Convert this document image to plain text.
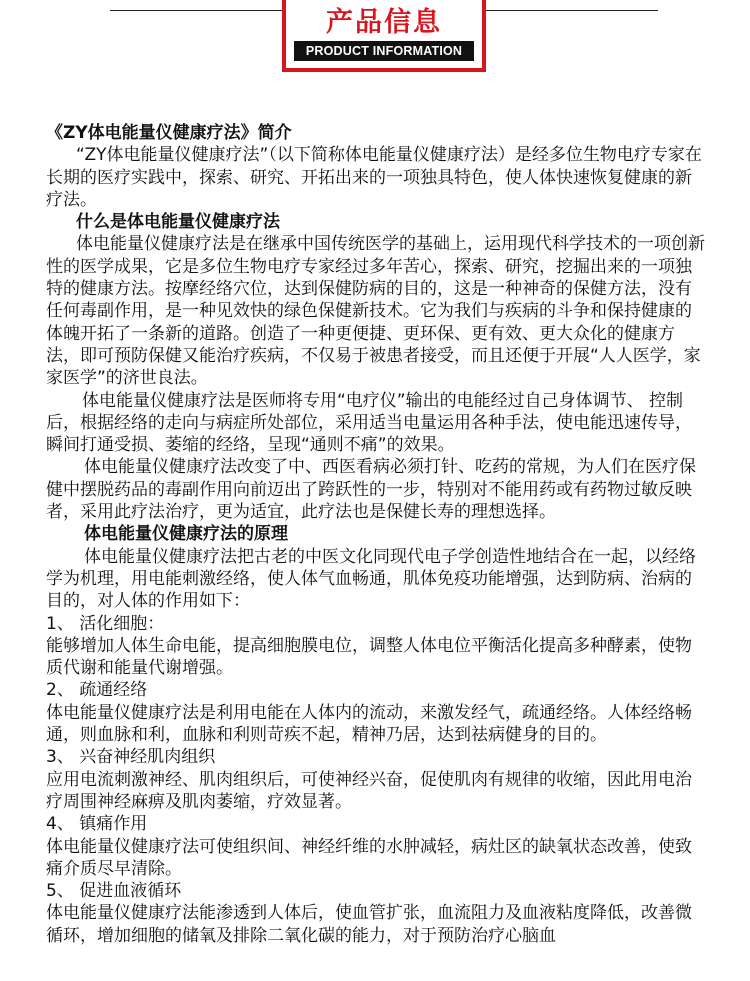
产品信息
PRODUCT INFORMATION

《ZY体电能量仪健康疗法》简介

“ZY体电能量仪健康疗法”（以下简称体电能量仪健康疗法）是经多位生物电疗专家在长期的医疗实践中，探索、研究、开拓出来的一项独具特色，使人体快速恢复健康的新疗法。

什么是体电能量仪健康疗法

体电能量仪健康疗法是在继承中国传统医学的基础上，运用现代科学技术的一项创新性的医学成果，它是多位生物电疗专家经过多年苦心，探索、研究，挖掘出来的一项独特的健康方法。按摩经络穴位，达到保健防病的目的，这是一种神奇的保健方法，没有任何毒副作用，是一种见效快的绿色保健新技术。它为我们与疾病的斗争和保持健康的体魄开拓了一条新的道路。创造了一种更便捷、更环保、更有效、更大众化的健康方法，即可预防保健又能治疗疾病，不仅易于被患者接受，而且还便于开展“人人医学，家家医学”的济世良法。

体电能量仪健康疗法是医师将专用“电疗仪”输出的电能经过自己身体调节、 控制后，根据经络的走向与病症所处部位，采用适当电量运用各种手法，使电能迅速传导，瞬间打通受损、萎缩的经络，呈现“通则不痛”的效果。

体电能量仪健康疗法改变了中、西医看病必须打针、吃药的常规，为人们在医疗保健中摆脱药品的毒副作用向前迈出了跨跃性的一步，特别对不能用药或有药物过敏反映者，采用此疗法治疗，更为适宜，此疗法也是保健长寿的理想选择。

体电能量仪健康疗法的原理

体电能量仪健康疗法把古老的中医文化同现代电子学创造性地结合在一起，以经络学为机理，用电能刺激经络，使人体气血畅通，肌体免疫功能增强，达到防病、治病的目的，对人体的作用如下：

1、 活化细胞：

能够增加人体生命电能，提高细胞膜电位，调整人体电位平衡活化提高多种酵素，使物质代谢和能量代谢增强。

2、 疏通经络

体电能量仪健康疗法是利用电能在人体内的流动，来激发经气，疏通经络。人体经络畅通，则血脉和利，血脉和利则苛疾不起，精神乃居，达到祛病健身的目的。

3、 兴奋神经肌肉组织

应用电流刺激神经、肌肉组织后，可使神经兴奋，促使肌肉有规律的收缩，因此用电治疗周围神经麻痹及肌肉萎缩，疗效显著。

4、 镇痛作用

体电能量仪健康疗法可使组织间、神经纤维的水肿减轻，病灶区的缺氧状态改善，使致痛介质尽早清除。

5、 促进血液循环

体电能量仪健康疗法能渗透到人体后，使血管扩张，血流阻力及血液粘度降低，改善微循环，增加细胞的储氧及排除二氧化碳的能力，对于预防治疗心脑血
